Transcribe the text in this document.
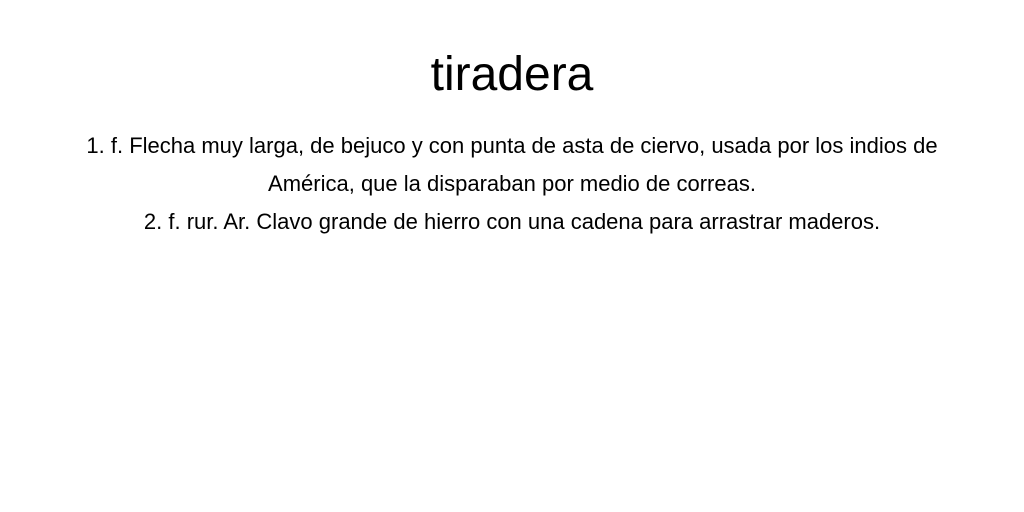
tiradera
1. f. Flecha muy larga, de bejuco y con punta de asta de ciervo, usada por los indios de América, que la disparaban por medio de correas.
2. f. rur. Ar. Clavo grande de hierro con una cadena para arrastrar maderos.
